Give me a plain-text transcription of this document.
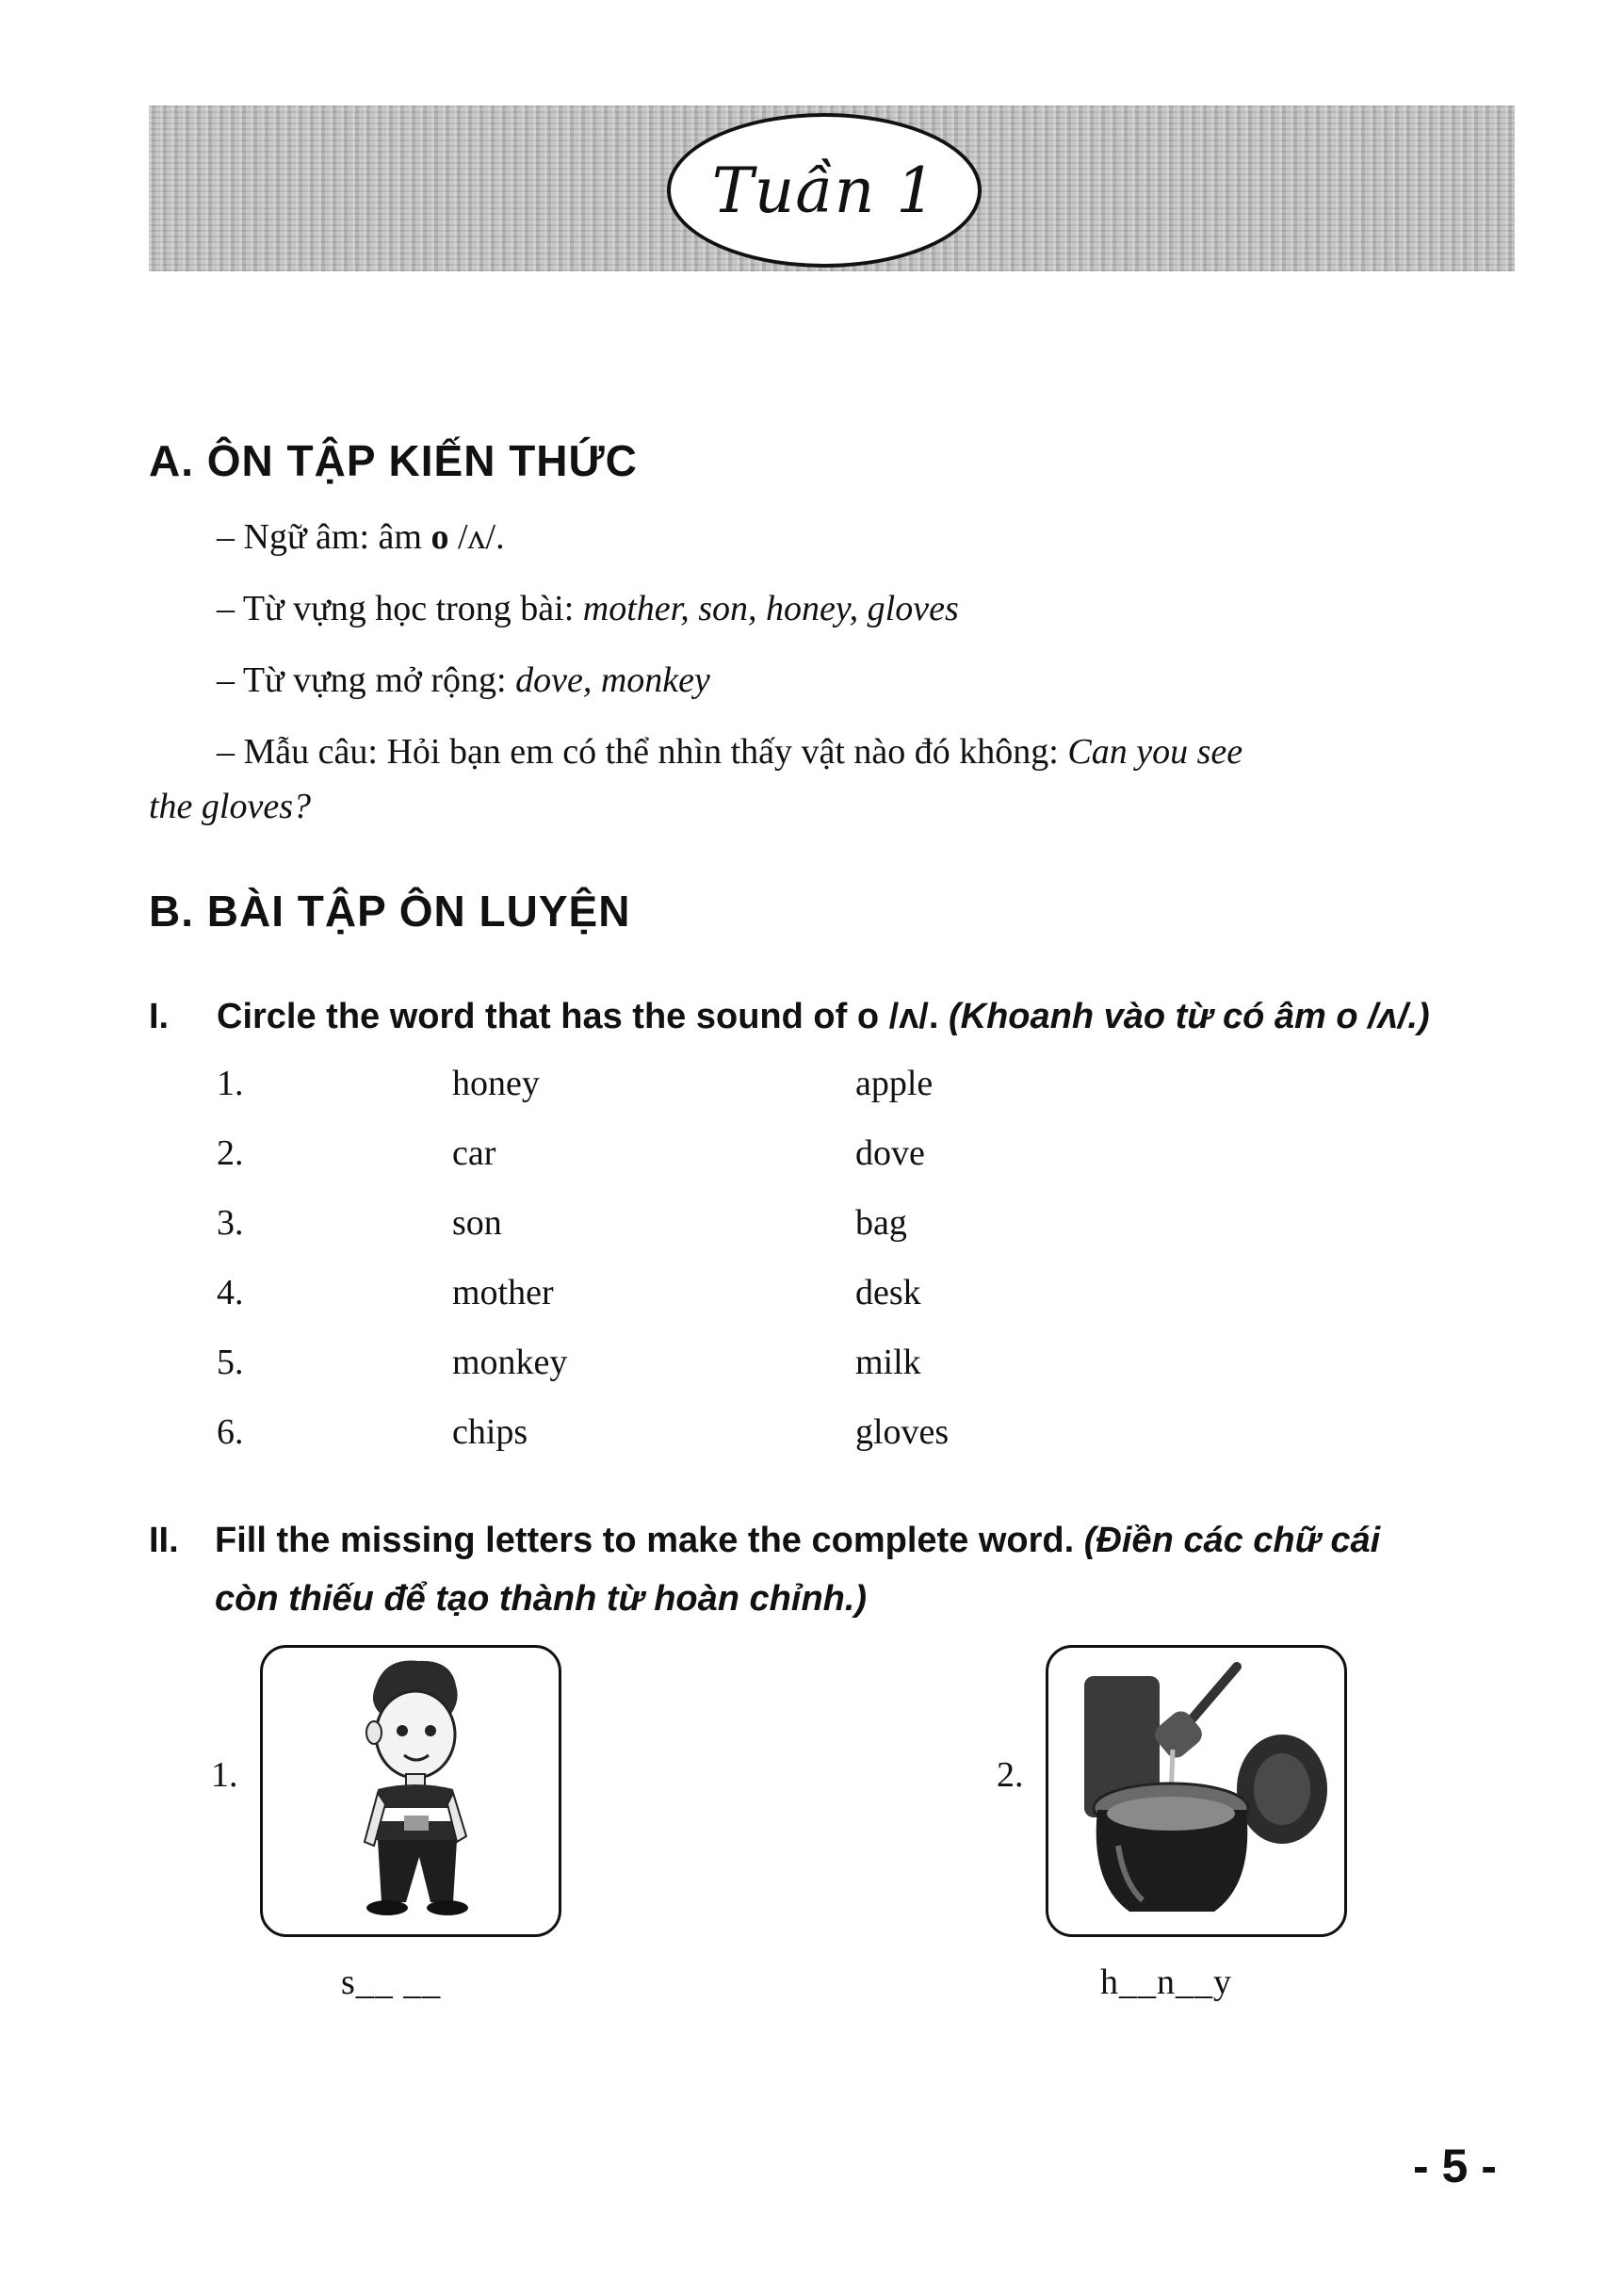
Tuần 1
A. ÔN TẬP KIẾN THỨC
– Ngữ âm: âm o /ʌ/.
– Từ vựng học trong bài: mother, son, honey, gloves
– Từ vựng mở rộng: dove, monkey
– Mẫu câu: Hỏi bạn em có thể nhìn thấy vật nào đó không: Can you see
the gloves?
B. BÀI TẬP ÔN LUYỆN
I. Circle the word that has the sound of o /ʌ/. (Khoanh vào từ có âm o /ʌ/.)
1.	honey	apple
2.	car	dove
3.	son	bag
4.	mother	desk
5.	monkey	milk
6.	chips	gloves
II. Fill the missing letters to make the complete word. (Điền các chữ cái
còn thiếu để tạo thành từ hoàn chỉnh.)
1.
s__ __
2.
h__n__y
- 5 -
